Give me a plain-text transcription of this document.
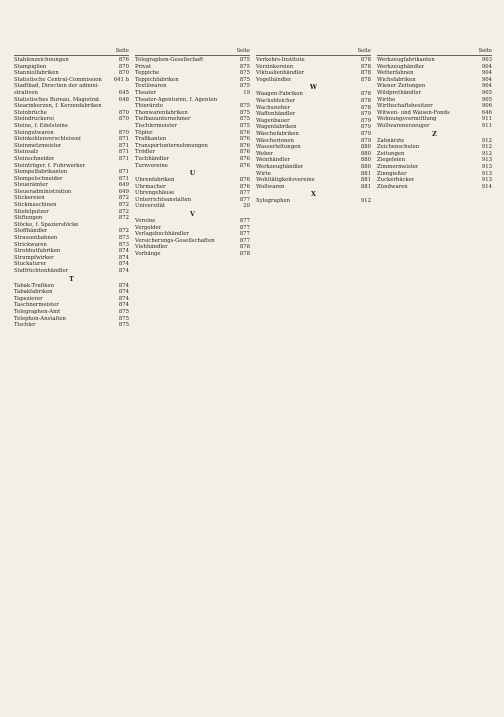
Seite
Stahlenzeichnungen	876
Stampiglien	870
Stanniolfabriken	870
Statistische Central-Commission	641 b
Stadtbad, Direction der admini-
strativen	645
Statistisches Bureau, Magistrat.	648
Stearinkerzen, f. Kerzenfabriken
Steinbrüche	870
Steindruckerei	870
Steine, f. Edelsteine
Steingutwaren	870
Steinkohlenverschleisser	871
Steinmetzmeister	871
Steinsalz	871
Steinschneider	871
Steintrüger, f. Fuhrwerker
Stempelfabrikanten	871
Stempelschneider	871
Steuerämter	649
Steueradministration	649
Stickereien	872
Stickmaschinen	872
Stiefelputzer	872
Stiftungen	872
Stöcke, f. Spazierstöcke
Stoffhändler	872
Strassenbahnen	873
Strickwaren	873
Strohhutfabriken	874
Strumpfwirker	874
Stuckaturer	874
Südfrüchtenhändler	874
T
Tabak-Trafiken	874
Tabakfabriken	874
Tapezierer	874
Taschnermeister	874
Telegraphen-Amt	875
Telephon-Anstalten	875
Tischler	875
Seite
Telegraphen-Gesellschaft	875
Privat	875
Teppiche	875
Teppichfabriken	875
Textilwaren	875
Theater	19
Theater-Agenturen, f. Agenten
Thierärzte	875
Thonwarenfabriken	875
Tiefbauunternehmer	875
Tischlermeister	875
Töpfer	876
Trafikanten	876
Transportunternehmungen	876
Trödler	876
Tuchhändler	876
Turnvereine	876
U
Uhrenfabriken	876
Uhrmacher	876
Uhrengehäuse	877
Unterrichtsanstalten	877
Universität	20
V
Vereine	877
Vergolder	877
Verlagsbuchhändler	877
Versicherungs-Gesellschaften	877
Viehhändler	878
Vorhänge	878
Seite
Verkehrs-Institute	878
Verzinkereien	878
Viktualienhändler	878
Vogelhändler	878
W
Waagen-Fabriken	878
Wachsbleicher	878
Wachszieher	878
Waffenhändler	879
Wagenbauer	879
Wagenfabriken	879
Wäschefabriken	879
Wäscherinnen	879
Wasserleitungen	880
Weber	880
Weinhändler	880
Werkzeughändler	880
Wirte	881
Wohltätigkeitsvereine	881
Wollwaren	881
X
Xylographen	912
Seite
Werkzeugfabrikanten	903
Werkzeughändler	904
Wetterfahnen	904
Wichsfabriken	904
Wiener Zeitungen	904
Wildprethändler	905
Wirthe	905
Wirthschaftsbesitzer	906
Witwen- und Waisen-Fonds	646
Wohnungsvermittlung	911
Wollwarenerzeuger	911
Z
Zahnärzte	912
Zeichenschulen	912
Zeitungen	912
Ziegeleien	913
Zimmermeister	913
Zinngießer	913
Zuckerbäcker	913
Zündwaren	914
